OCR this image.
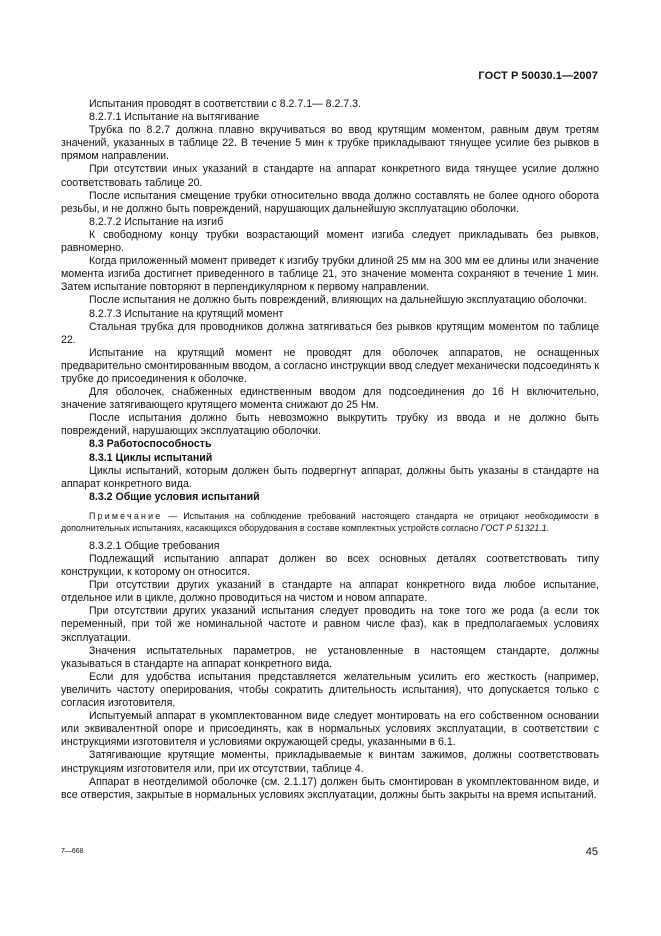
ГОСТ Р 50030.1—2007

Испытания проводят в соответствии с 8.2.7.1— 8.2.7.3.

8.2.7.1 Испытание на вытягивание

Трубка по 8.2.7 должна плавно вкручиваться во ввод крутящим моментом, равным двум третям значений, указанных в таблице 22. В течение 5 мин к трубке прикладывают тянущее усилие без рывков в прямом направлении.

При отсутствии иных указаний в стандарте на аппарат конкретного вида тянущее усилие должно соответствовать таблице 20.

После испытания смещение трубки относительно ввода должно составлять не более одного оборота резьбы, и не должно быть повреждений, нарушающих дальнейшую эксплуатацию оболочки.

8.2.7.2 Испытание на изгиб

К свободному концу трубки возрастающий момент изгиба следует прикладывать без рывков, равномерно.

Когда приложенный момент приведет к изгибу трубки длиной 25 мм на 300 мм ее длины или значение момента изгиба достигнет приведенного в таблице 21, это значение момента сохраняют в течение 1 мин. Затем испытание повторяют в перпендикулярном к первому направлении.

После испытания не должно быть повреждений, влияющих на дальнейшую эксплуатацию оболочки.

8.2.7.3 Испытание на крутящий момент

Стальная трубка для проводников должна затягиваться без рывков крутящим моментом по таблице 22.

Испытание на крутящий момент не проводят для оболочек аппаратов, не оснащенных предварительно смонтированным вводом, а согласно инструкции ввод следует механически подсоединять к трубке до присоединения к оболочке.

Для оболочек, снабженных единственным вводом для подсоединения до 16 Н включительно, значение затягивающего крутящего момента снижают до 25 Нм.

После испытания должно быть невозможно выкрутить трубку из ввода и не должно быть повреждений, нарушающих эксплуатацию оболочки.

8.3 Работоспособность

8.3.1 Циклы испытаний

Циклы испытаний, которым должен быть подвергнут аппарат, должны быть указаны в стандарте на аппарат конкретного вида.

8.3.2 Общие условия испытаний

Примечание — Испытания на соблюдение требований настоящего стандарта не отрицают необходимости в дополнительных испытаниях, касающихся оборудования в составе комплектных устройств согласно ГОСТ Р 51321.1.

8.3.2.1 Общие требования

Подлежащий испытанию аппарат должен во всех основных деталях соответствовать типу конструкции, к которому он относится.

При отсутствии других указаний в стандарте на аппарат конкретного вида любое испытание, отдельное или в цикле, должно проводиться на чистом и новом аппарате.

При отсутствии других указаний испытания следует проводить на токе того же рода (а если ток переменный, при той же номинальной частоте и равном числе фаз), как в предполагаемых условиях эксплуатации.

Значения испытательных параметров, не установленные в настоящем стандарте, должны указываться в стандарте на аппарат конкретного вида.

Если для удобства испытания представляется желательным усилить его жесткость (например, увеличить частоту оперирования, чтобы сократить длительность испытания), что допускается только с согласия изготовителя.

Испытуемый аппарат в укомплектованном виде следует монтировать на его собственном основании или эквивалентной опоре и присоединять, как в нормальных условиях эксплуатации, в соответствии с инструкциями изготовителя и условиями окружающей среды, указанными в 6.1.

Затягивающие крутящие моменты, прикладываемые к винтам зажимов, должны соответствовать инструкциям изготовителя или, при их отсутствии, таблице 4.

Аппарат в неотделимой оболочке (см. 2.1.17) должен быть смонтирован в укомплектованном виде, и все отверстия, закрытые в нормальных условиях эксплуатации, должны быть закрыты на время испытаний.

7—668	45
